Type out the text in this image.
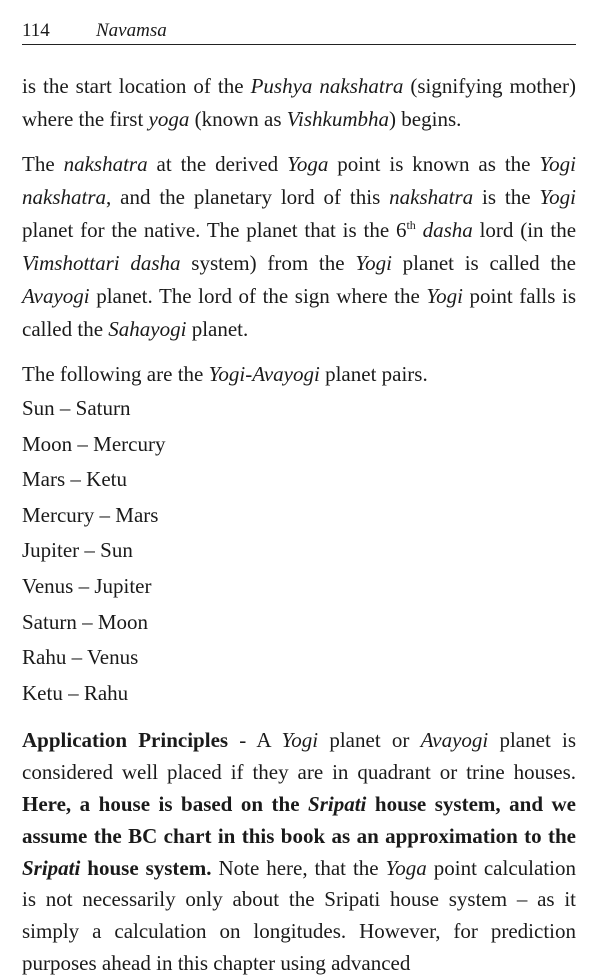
114 Navamsa

is the start location of the Pushya nakshatra (signifying mother) where the first yoga (known as Vishkumbha) begins.

The nakshatra at the derived Yoga point is known as the Yogi nakshatra, and the planetary lord of this nakshatra is the Yogi planet for the native. The planet that is the 6th dasha lord (in the Vimshottari dasha system) from the Yogi planet is called the Avayogi planet. The lord of the sign where the Yogi point falls is called the Sahayogi planet.

The following are the Yogi-Avayogi planet pairs.

Sun – Saturn

Moon – Mercury

Mars – Ketu

Mercury – Mars

Jupiter – Sun

Venus – Jupiter

Saturn – Moon

Rahu – Venus

Ketu – Rahu

Application Principles - A Yogi planet or Avayogi planet is considered well placed if they are in quadrant or trine houses. Here, a house is based on the Sripati house system, and we assume the BC chart in this book as an approximation to the Sripati house system. Note here, that the Yoga point calculation is not necessarily only about the Sripati house system – as it simply a calculation on longitudes. However, for prediction purposes ahead in this chapter using advanced
